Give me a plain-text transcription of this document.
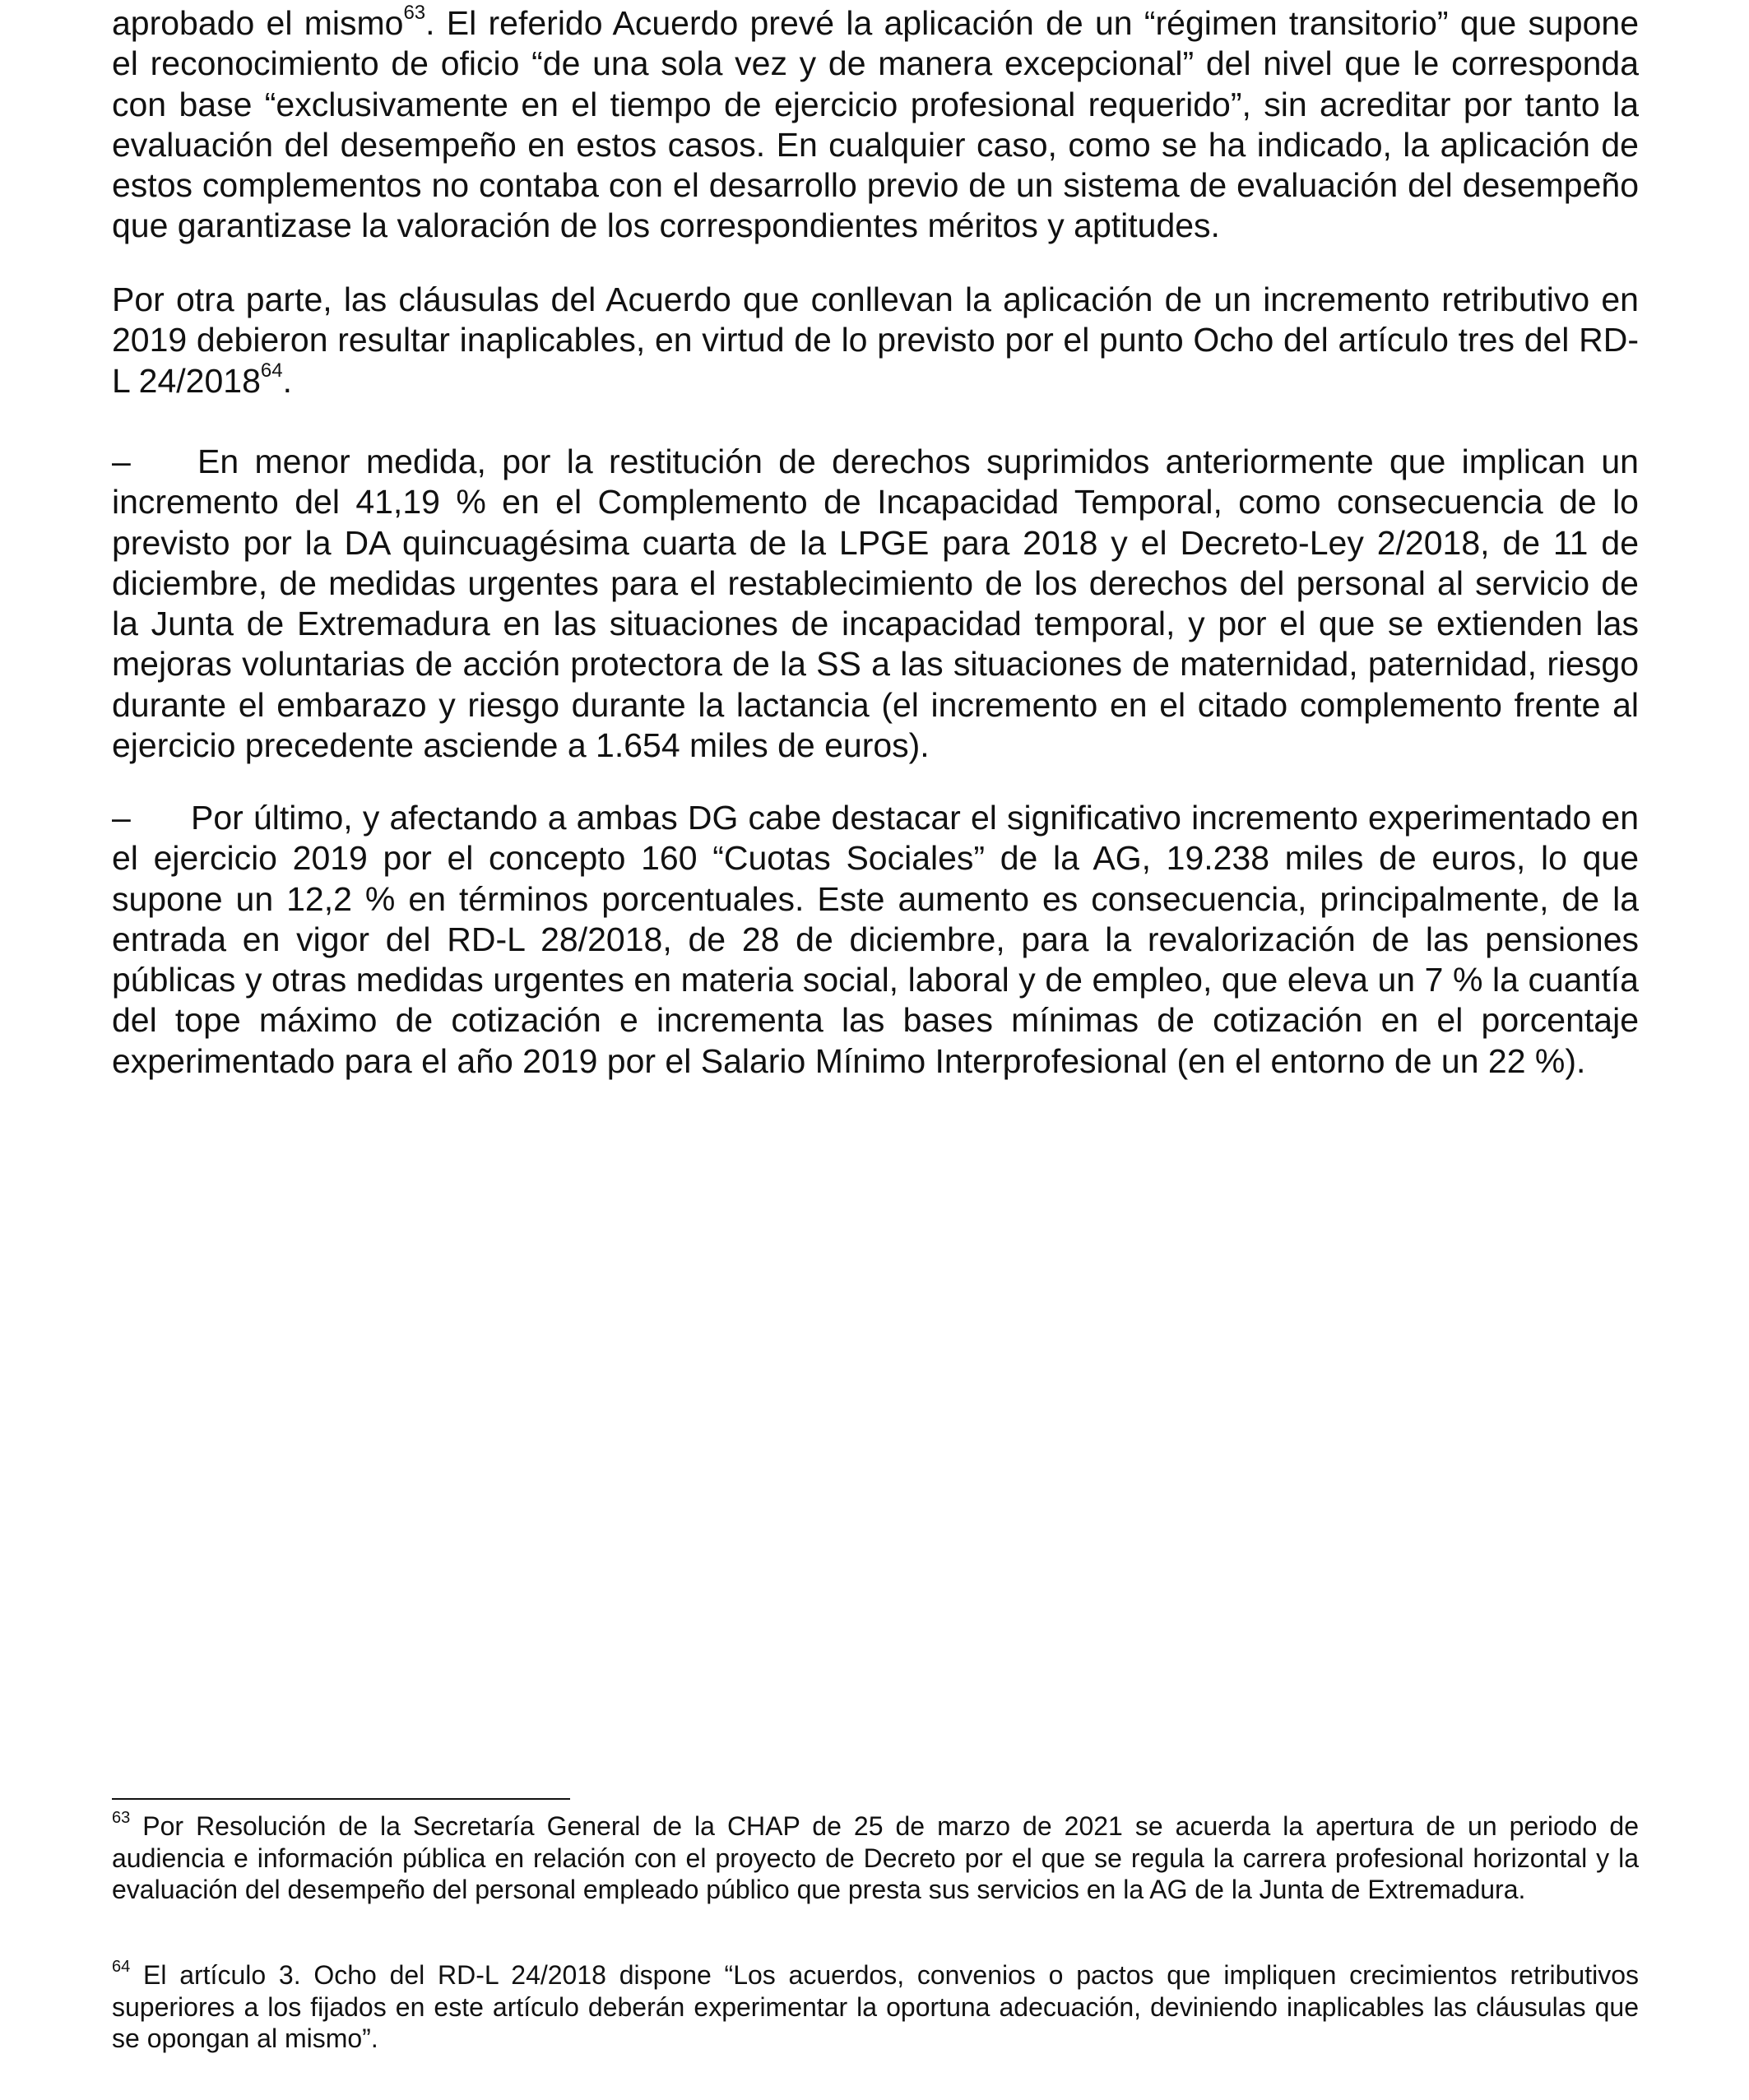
aprobado el mismo$^{63}$. El referido Acuerdo prevé la aplicación de un “régimen transitorio” que supone el reconocimiento de oficio “de una sola vez y de manera excepcional” del nivel que le corresponda con base “exclusivamente en el tiempo de ejercicio profesional requerido”, sin acreditar por tanto la evaluación del desempeño en estos casos. En cualquier caso, como se ha indicado, la aplicación de estos complementos no contaba con el desarrollo previo de un sistema de evaluación del desempeño que garantizase la valoración de los correspondientes méritos y aptitudes.

Por otra parte, las cláusulas del Acuerdo que conllevan la aplicación de un incremento retributivo en 2019 debieron resultar inaplicables, en virtud de lo previsto por el punto Ocho del artículo tres del RD-L 24/2018$^{64}$.

– En menor medida, por la restitución de derechos suprimidos anteriormente que implican un incremento del 41,19 % en el Complemento de Incapacidad Temporal, como consecuencia de lo previsto por la DA quincuagésima cuarta de la LPGE para 2018 y el Decreto-Ley 2/2018, de 11 de diciembre, de medidas urgentes para el restablecimiento de los derechos del personal al servicio de la Junta de Extremadura en las situaciones de incapacidad temporal, y por el que se extienden las mejoras voluntarias de acción protectora de la SS a las situaciones de maternidad, paternidad, riesgo durante el embarazo y riesgo durante la lactancia (el incremento en el citado complemento frente al ejercicio precedente asciende a 1.654 miles de euros).

– Por último, y afectando a ambas DG cabe destacar el significativo incremento experimentado en el ejercicio 2019 por el concepto 160 “Cuotas Sociales” de la AG, 19.238 miles de euros, lo que supone un 12,2 % en términos porcentuales. Este aumento es consecuencia, principalmente, de la entrada en vigor del RD-L 28/2018, de 28 de diciembre, para la revalorización de las pensiones públicas y otras medidas urgentes en materia social, laboral y de empleo, que eleva un 7 % la cuantía del tope máximo de cotización e incrementa las bases mínimas de cotización en el porcentaje experimentado para el año 2019 por el Salario Mínimo Interprofesional (en el entorno de un 22 %).

$^{63}$ Por Resolución de la Secretaría General de la CHAP de 25 de marzo de 2021 se acuerda la apertura de un periodo de audiencia e información pública en relación con el proyecto de Decreto por el que se regula la carrera profesional horizontal y la evaluación del desempeño del personal empleado público que presta sus servicios en la AG de la Junta de Extremadura.

$^{64}$ El artículo 3. Ocho del RD-L 24/2018 dispone “Los acuerdos, convenios o pactos que impliquen crecimientos retributivos superiores a los fijados en este artículo deberán experimentar la oportuna adecuación, deviniendo inaplicables las cláusulas que se opongan al mismo”.
